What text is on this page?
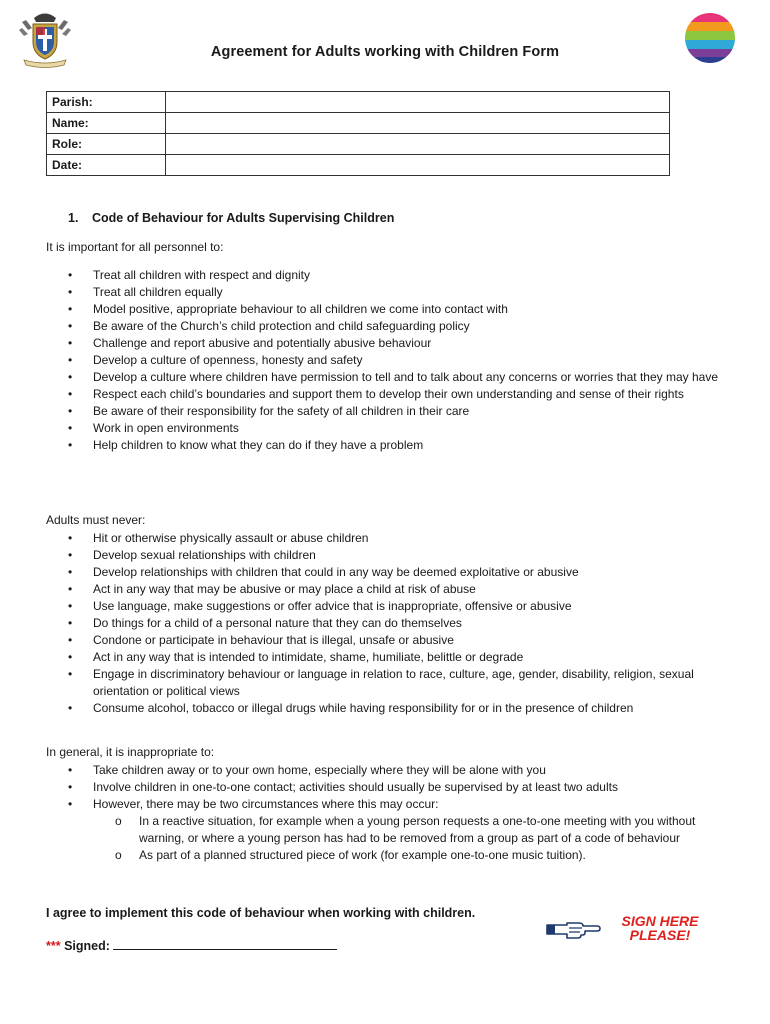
Agreement for Adults working with Children Form
Parish:	
Name:	
Role:	
Date:	
1. Code of Behaviour for Adults Supervising Children
It is important for all personnel to:
• Treat all children with respect and dignity
• Treat all children equally
• Model positive, appropriate behaviour to all children we come into contact with
• Be aware of the Church’s child protection and child safeguarding policy
• Challenge and report abusive and potentially abusive behaviour
• Develop a culture of openness, honesty and safety
• Develop a culture where children have permission to tell and to talk about any concerns or worries that they may have
• Respect each child’s boundaries and support them to develop their own understanding and sense of their rights
• Be aware of their responsibility for the safety of all children in their care
• Work in open environments
• Help children to know what they can do if they have a problem
Adults must never:
• Hit or otherwise physically assault or abuse children
• Develop sexual relationships with children
• Develop relationships with children that could in any way be deemed exploitative or abusive
• Act in any way that may be abusive or may place a child at risk of abuse
• Use language, make suggestions or offer advice that is inappropriate, offensive or abusive
• Do things for a child of a personal nature that they can do themselves
• Condone or participate in behaviour that is illegal, unsafe or abusive
• Act in any way that is intended to intimidate, shame, humiliate, belittle or degrade
• Engage in discriminatory behaviour or language in relation to race, culture, age, gender, disability, religion, sexual orientation or political views
• Consume alcohol, tobacco or illegal drugs while having responsibility for or in the presence of children
In general, it is inappropriate to:
• Take children away or to your own home, especially where they will be alone with you
• Involve children in one-to-one contact; activities should usually be supervised by at least two adults
• However, there may be two circumstances where this may occur:
o In a reactive situation, for example when a young person requests a one-to-one meeting with you without warning, or where a young person has had to be removed from a group as part of a code of behaviour
o As part of a planned structured piece of work (for example one-to-one music tuition).
I agree to implement this code of behaviour when working with children.
*** Signed:
SIGN HERE
PLEASE!
